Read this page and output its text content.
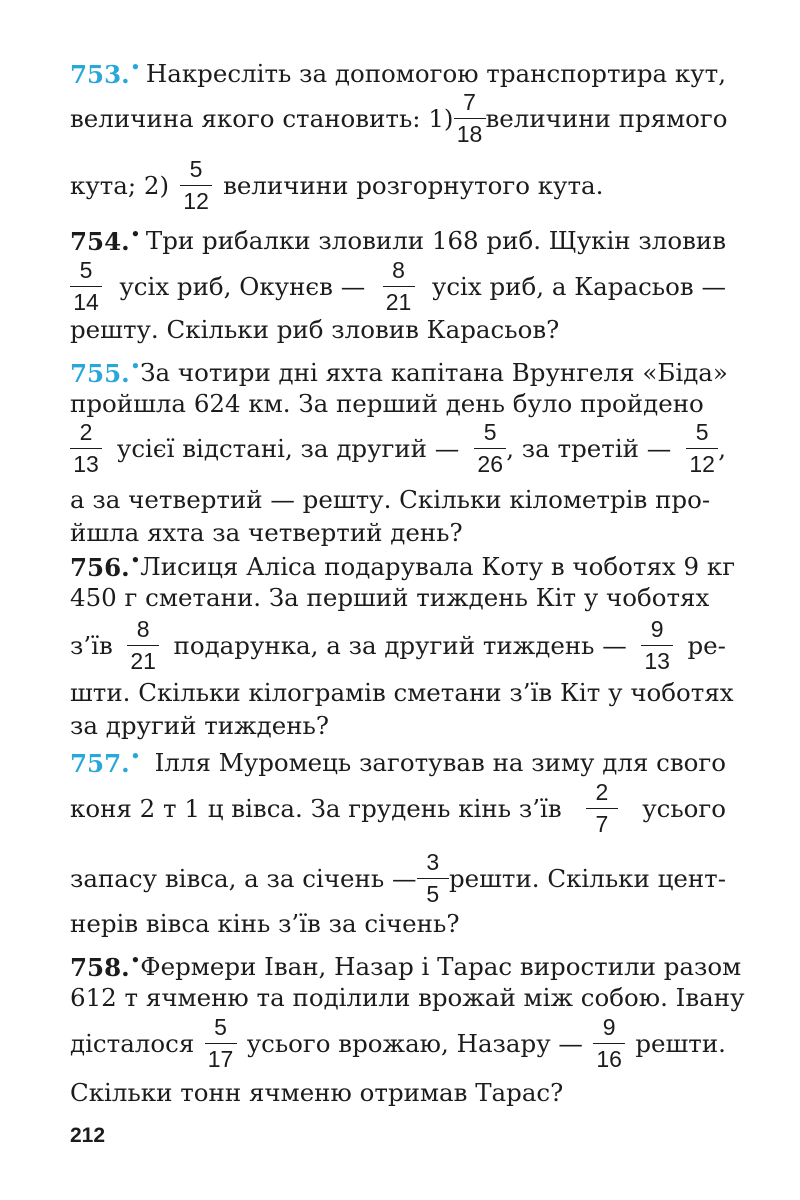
753.• Накресліть за допомогою транспортира кут,
величина якого становить: $1) \frac{7}{18}$ величини прямого
кута; $2) \frac{5}{12}$ величини розгорнутого кута.
754.• Три рибалки зловили 168 риб. Щукін зловив
$\frac{5}{14}$ усіх риб, Окунєв — $\frac{8}{21}$ усіх риб, а Карасьов —
решту. Скільки риб зловив Карасьов?
755.• За чотири дні яхта капітана Врунгеля «Біда»
пройшла 624 км. За перший день було пройдено
$\frac{2}{13}$ усієї відстані, за другий — $\frac{5}{26}$ , за третій — $\frac{5}{12}$ ,
а за четвертий — решту. Скільки кілометрів про-
йшла яхта за четвертий день?
756.• Лисиця Аліса подарувала Коту в чоботях 9 кг
450 г сметани. За перший тиждень Кіт у чоботях
з’їв $\frac{8}{21}$ подарунка, а за другий тиждень — $\frac{9}{13} ре-$
шти. Скільки кілограмів сметани з’їв Кіт у чоботях
за другий тиждень?
757.• Ілля Муромець заготував на зиму для свого
коня 2 т 1 ц вівса. За грудень кінь з’їв $\frac{2}{7}$ усього
запасу вівса, а за січень — $\frac{3}{5}$ решти. Скільки цент-
нерів вівса кінь з’їв за січень?
758.• Фермери Іван, Назар і Тарас виростили разом
612 т ячменю та поділили врожай між собою. Івану
дісталося $\frac{5}{17}$ усього врожаю, Назару — $\frac{9}{16}$ решти.
Скільки тонн ячменю отримав Тарас?
212
